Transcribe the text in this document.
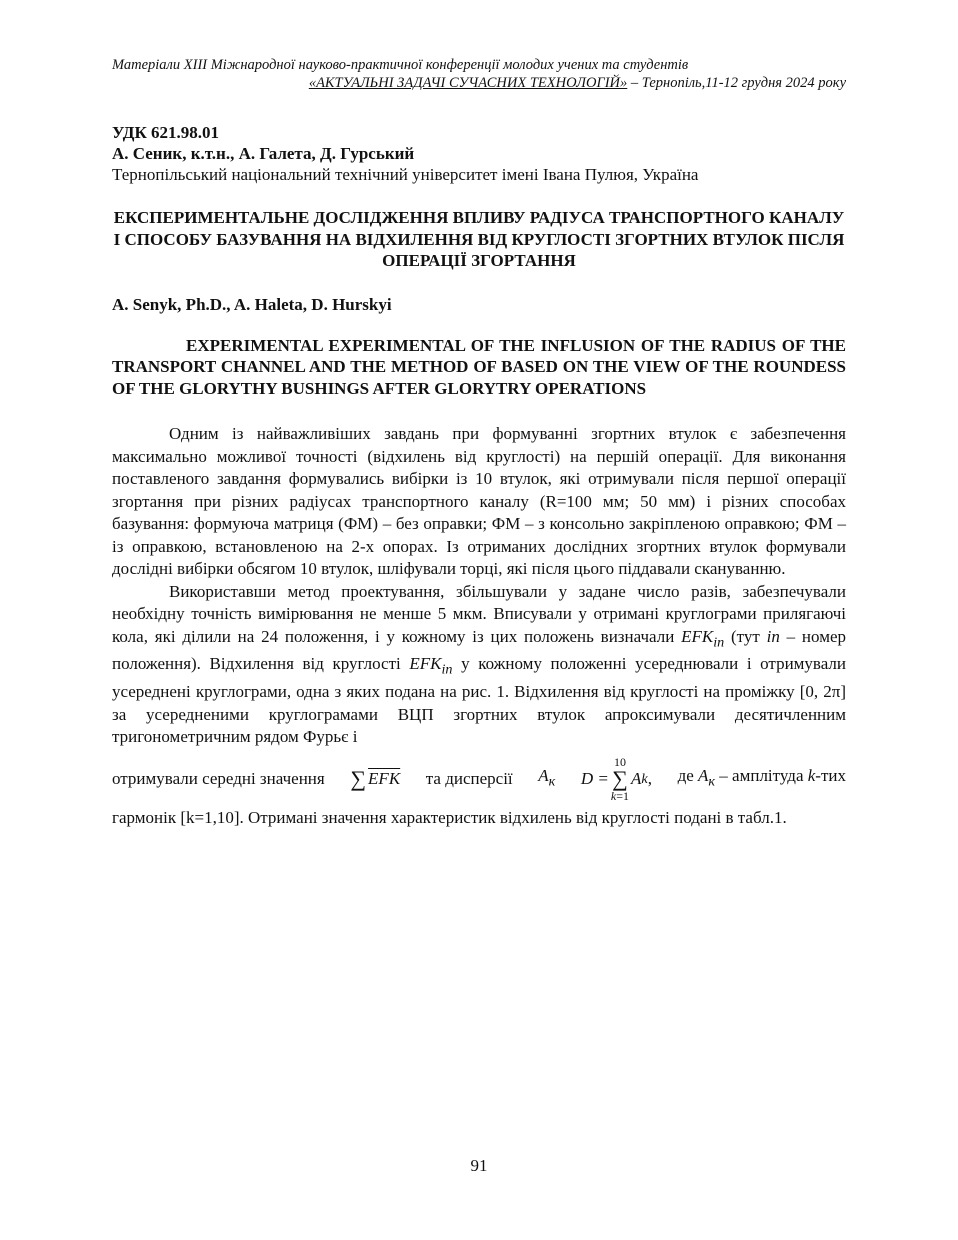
Матеріали XIII Міжнародної науково-практичної конференції молодих учених та студентів
«АКТУАЛЬНІ ЗАДАЧІ СУЧАСНИХ ТЕХНОЛОГІЙ» – Тернопіль,11-12 грудня 2024 року
УДК 621.98.01
А. Сеник, к.т.н., А. Галета, Д. Гурський
Тернопільський національний технічний університет імені Івана Пулюя, Україна
ЕКСПЕРИМЕНТАЛЬНЕ ДОСЛІДЖЕННЯ ВПЛИВУ РАДІУСА ТРАНСПОРТНОГО КАНАЛУ І СПОСОБУ БАЗУВАННЯ НА ВІДХИЛЕННЯ ВІД КРУГЛОСТІ ЗГОРТНИХ ВТУЛОК ПІСЛЯ ОПЕРАЦІЇ ЗГОРТАННЯ
A. Senyk, Ph.D., A. Haleta, D. Hurskyi
EXPERIMENTAL EXPERIMENTAL OF THE INFLUSION OF THE RADIUS OF THE TRANSPORT CHANNEL AND THE METHOD OF BASED ON THE VIEW OF THE ROUNDESS OF THE GLORYTHY BUSHINGS AFTER GLORYTRY OPERATIONS

Одним із найважливіших завдань при формуванні згортних втулок є забезпечення максимально можливої точності (відхилень від круглості) на першій операції. Для виконання поставленого завдання формувались вибірки із 10 втулок, які отримували після першої операції згортання при різних радіусах транспортного каналу (R=100 мм; 50 мм) і різних способах базування: формуюча матриця (ФМ) – без оправки; ФМ – з консольно закріпленою оправкою; ФМ – із оправкою, встановленою на 2-х опорах. Із отриманих дослідних згортних втулок формували дослідні вибірки обсягом 10 втулок, шліфували торці, які після цього піддавали скануванню.

Використавши метод проектування, збільшували у задане число разів, забезпечували необхідну точність вимірювання не менше 5 мкм. Вписували у отримані круглограми прилягаючі кола, які ділили на 24 положення, і у кожному із цих положень визначали $EFK_{in}$ (тут in – номер положення). Відхилення від круглості $EFK_{in}$ у кожному положенні усереднювали і отримували усереднені круглограми, одна з яких подана на рис. 1. Відхилення від круглості на проміжку [0, 2π] за усередненими круглограмами ВЦП згортних втулок апроксимували десятичленним тригонометричним рядом Фурьє і

отримували середні значення ∑ $\overline{EFK}$ та дисперсії $A_к$ D =
10
∑
k=1
A k , де $A_к$ – амплітуда k-тих

гармонік [k=1,10]. Отримані значення характеристик відхилень від круглості подані в табл.1.

91
